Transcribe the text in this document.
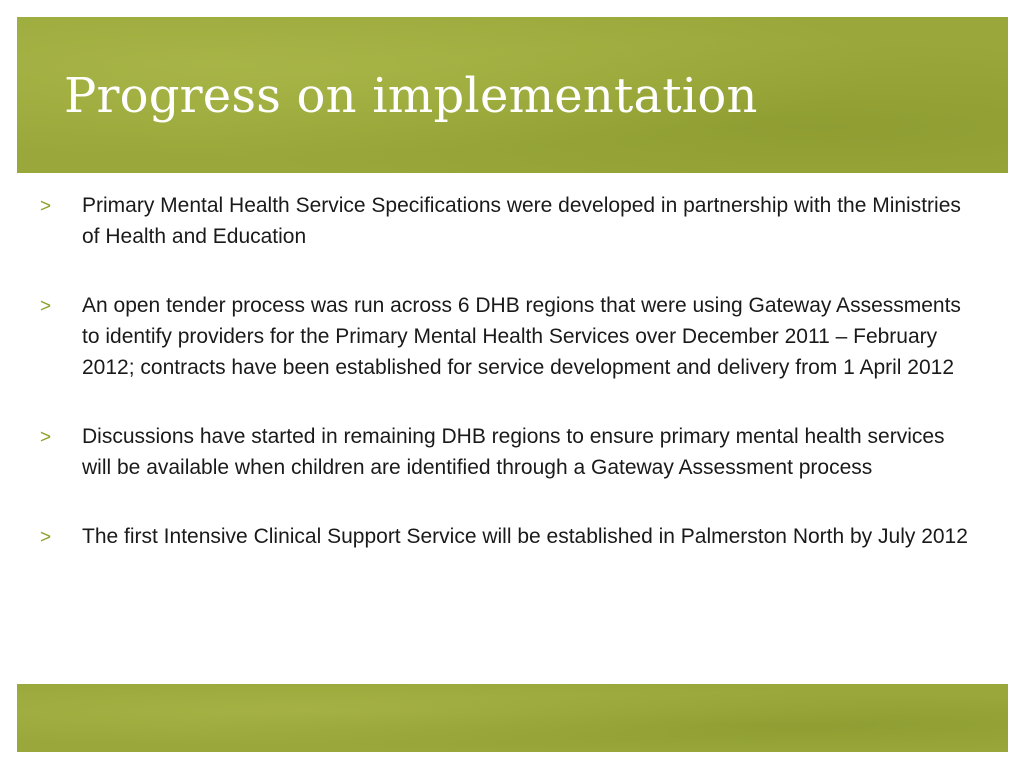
Progress on implementation
>	Primary Mental Health Service Specifications were developed in partnership with the Ministries of Health and Education
>	An open tender process was run across 6 DHB regions that were using Gateway Assessments to identify providers for the Primary Mental Health Services over December 2011 – February 2012; contracts have been established for service development and delivery from 1 April 2012
>	Discussions have started in remaining DHB regions to ensure primary mental health services will be available when children are identified through a Gateway Assessment process
>	The first Intensive Clinical Support Service will be established in Palmerston North by July 2012
